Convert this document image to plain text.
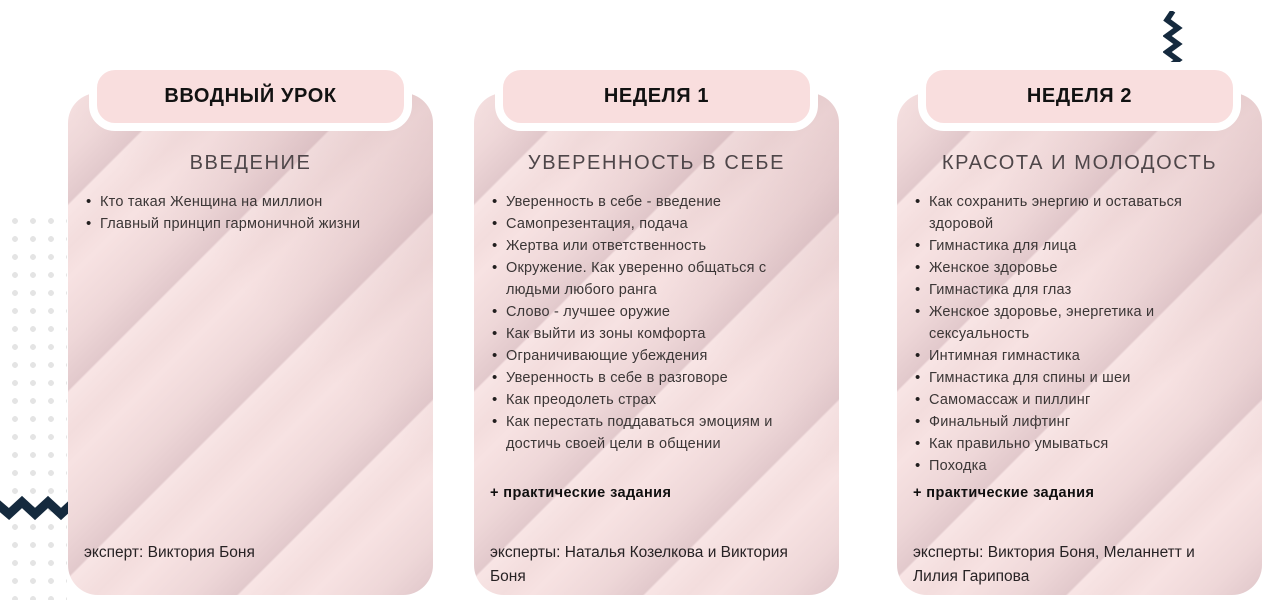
ВВОДНЫЙ УРОК
ВВЕДЕНИЕ
• Кто такая Женщина на миллион
• Главный принцип гармоничной жизни
эксперт: Виктория Боня
НЕДЕЛЯ 1
УВЕРЕННОСТЬ В СЕБЕ
• Уверенность в себе - введение
• Самопрезентация, подача
• Жертва или ответственность
• Окружение. Как уверенно общаться с людьми любого ранга
• Слово - лучшее оружие
• Как выйти из зоны комфорта
• Ограничивающие убеждения
• Уверенность в себе в разговоре
• Как преодолеть страх
• Как перестать поддаваться эмоциям и достичь своей цели в общении
+ практические задания
эксперты: Наталья Козелкова и Виктория Боня
НЕДЕЛЯ 2
КРАСОТА И МОЛОДОСТЬ
• Как сохранить энергию и оставаться здоровой
• Гимнастика для лица
• Женское здоровье
• Гимнастика для глаз
• Женское здоровье, энергетика и сексуальность
• Интимная гимнастика
• Гимнастика для спины и шеи
• Самомассаж и пиллинг
• Финальный лифтинг
• Как правильно умываться
• Походка
+ практические задания
эксперты: Виктория Боня, Меланнетт и Лилия Гарипова
